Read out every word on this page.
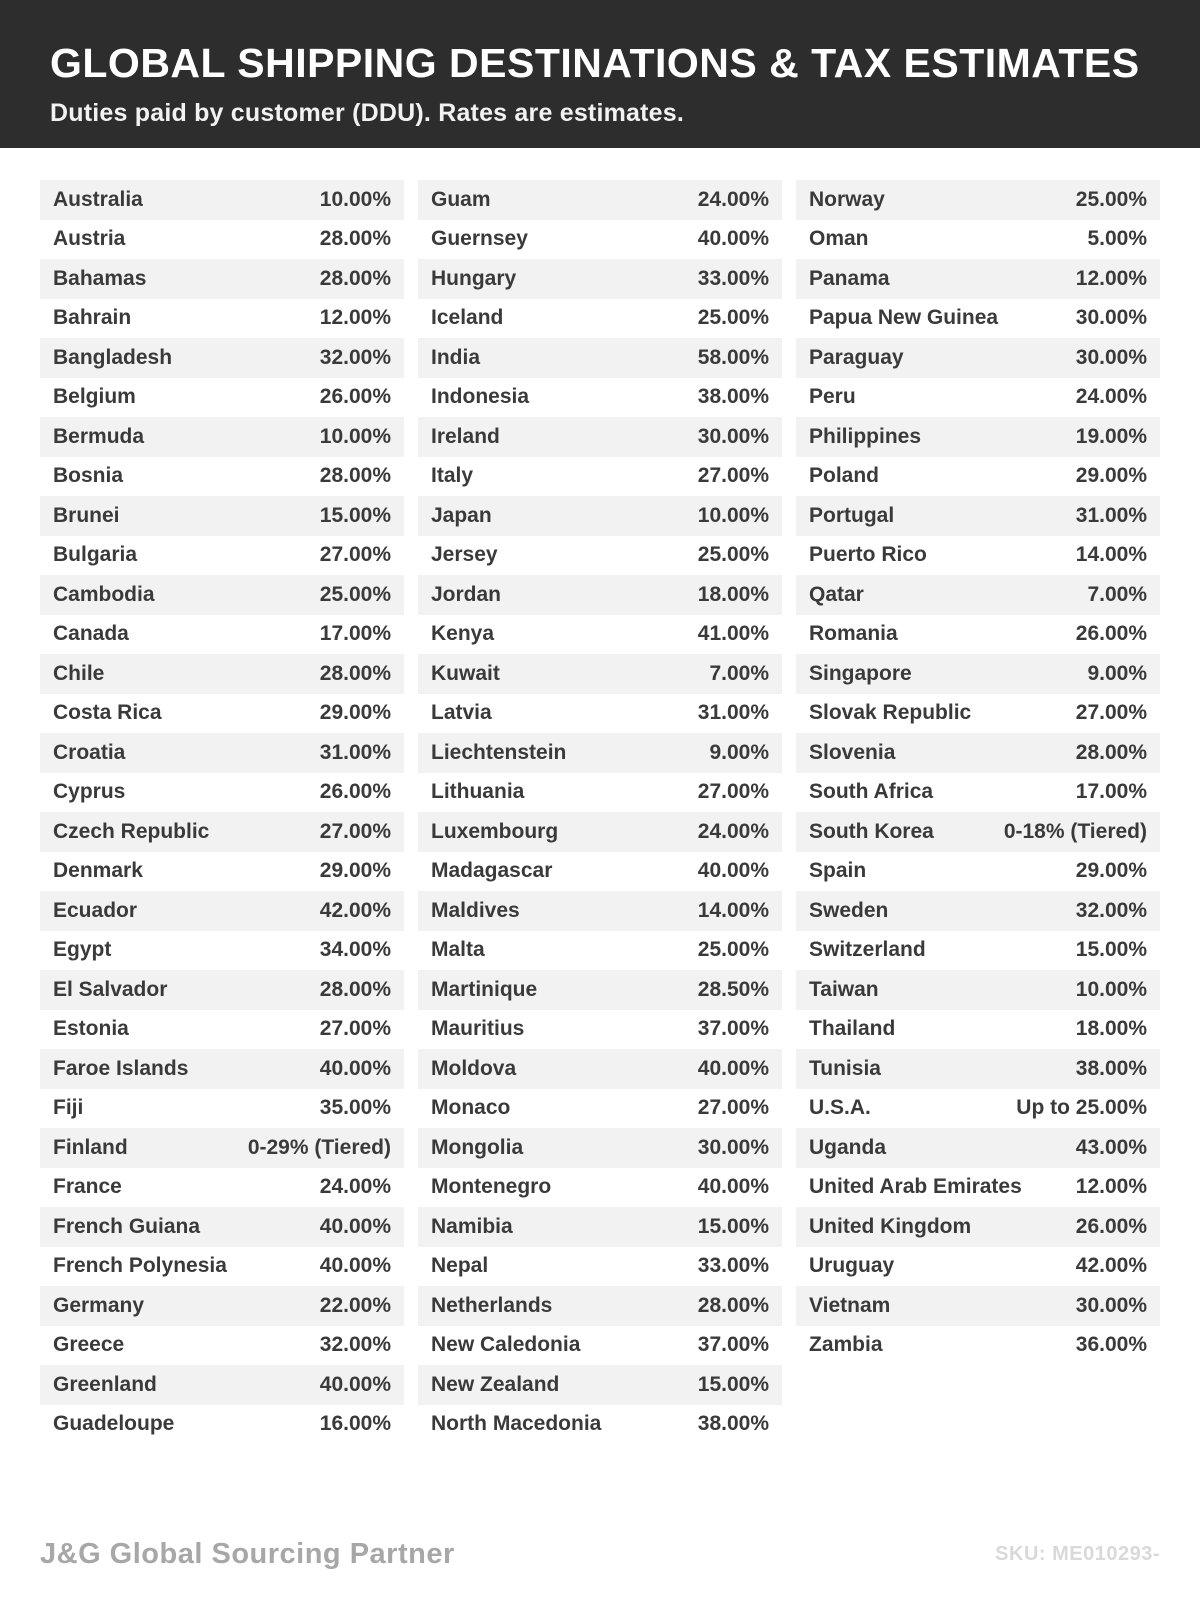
GLOBAL SHIPPING DESTINATIONS & TAX ESTIMATES
Duties paid by customer (DDU). Rates are estimates.
Australia	10.00%
Austria	28.00%
Bahamas	28.00%
Bahrain	12.00%
Bangladesh	32.00%
Belgium	26.00%
Bermuda	10.00%
Bosnia	28.00%
Brunei	15.00%
Bulgaria	27.00%
Cambodia	25.00%
Canada	17.00%
Chile	28.00%
Costa Rica	29.00%
Croatia	31.00%
Cyprus	26.00%
Czech Republic	27.00%
Denmark	29.00%
Ecuador	42.00%
Egypt	34.00%
El Salvador	28.00%
Estonia	27.00%
Faroe Islands	40.00%
Fiji	35.00%
Finland	0-29% (Tiered)
France	24.00%
French Guiana	40.00%
French Polynesia	40.00%
Germany	22.00%
Greece	32.00%
Greenland	40.00%
Guadeloupe	16.00%
Guam	24.00%
Guernsey	40.00%
Hungary	33.00%
Iceland	25.00%
India	58.00%
Indonesia	38.00%
Ireland	30.00%
Italy	27.00%
Japan	10.00%
Jersey	25.00%
Jordan	18.00%
Kenya	41.00%
Kuwait	7.00%
Latvia	31.00%
Liechtenstein	9.00%
Lithuania	27.00%
Luxembourg	24.00%
Madagascar	40.00%
Maldives	14.00%
Malta	25.00%
Martinique	28.50%
Mauritius	37.00%
Moldova	40.00%
Monaco	27.00%
Mongolia	30.00%
Montenegro	40.00%
Namibia	15.00%
Nepal	33.00%
Netherlands	28.00%
New Caledonia	37.00%
New Zealand	15.00%
North Macedonia	38.00%
Norway	25.00%
Oman	5.00%
Panama	12.00%
Papua New Guinea	30.00%
Paraguay	30.00%
Peru	24.00%
Philippines	19.00%
Poland	29.00%
Portugal	31.00%
Puerto Rico	14.00%
Qatar	7.00%
Romania	26.00%
Singapore	9.00%
Slovak Republic	27.00%
Slovenia	28.00%
South Africa	17.00%
South Korea	0-18% (Tiered)
Spain	29.00%
Sweden	32.00%
Switzerland	15.00%
Taiwan	10.00%
Thailand	18.00%
Tunisia	38.00%
U.S.A.	Up to 25.00%
Uganda	43.00%
United Arab Emirates	12.00%
United Kingdom	26.00%
Uruguay	42.00%
Vietnam	30.00%
Zambia	36.00%
J&G Global Sourcing Partner	SKU: ME010293-
